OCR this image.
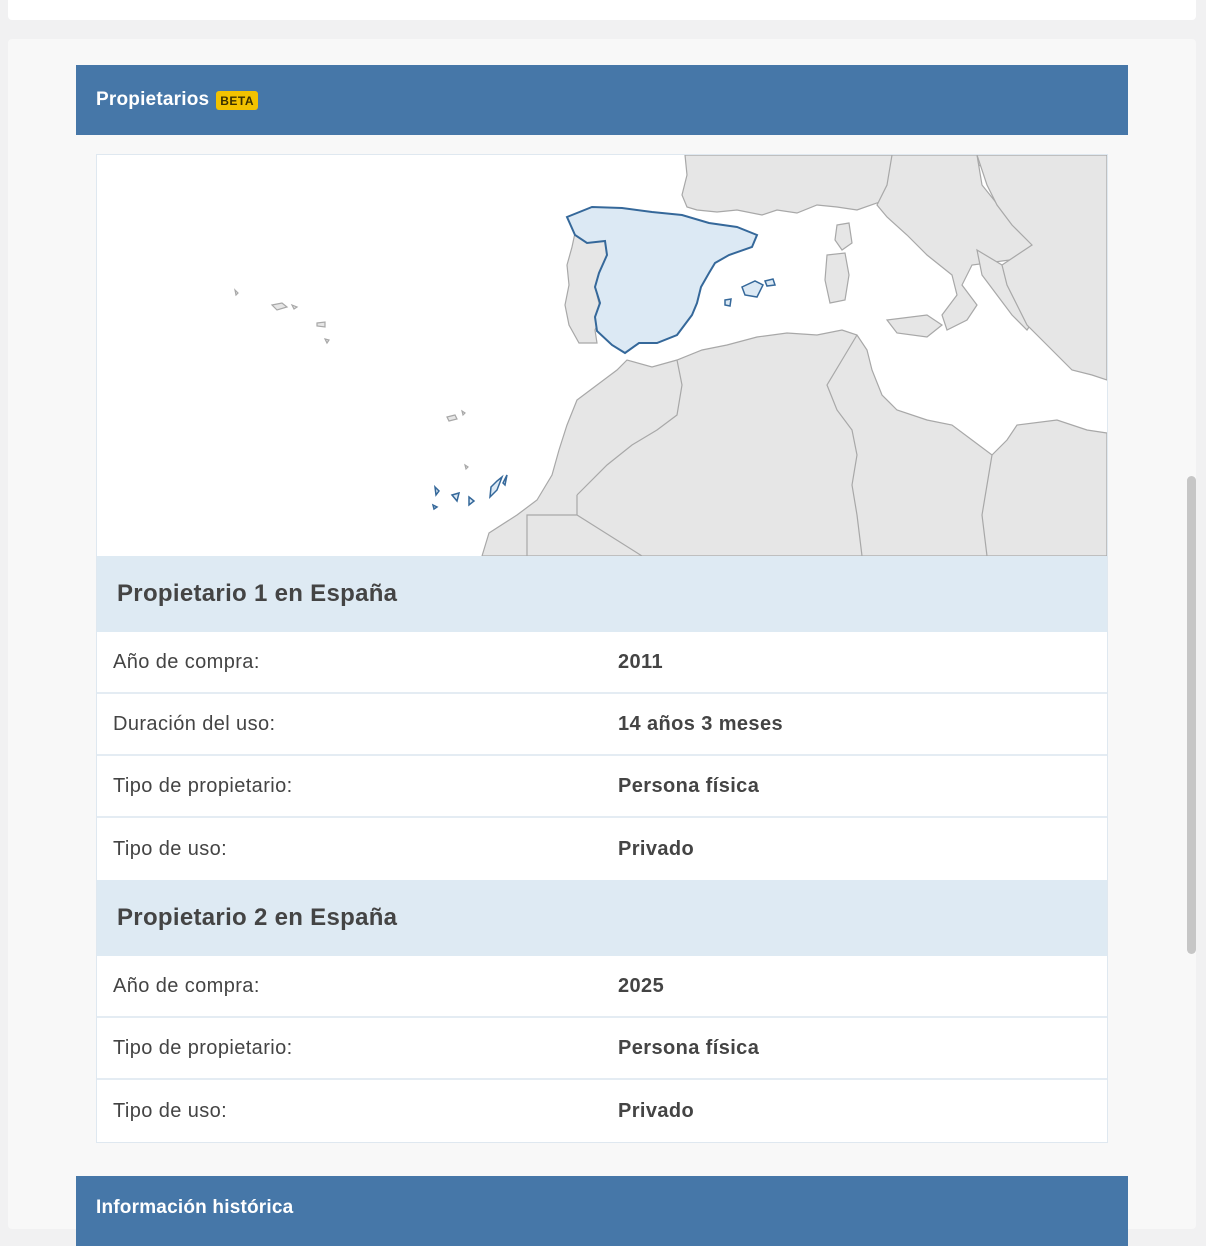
Propietarios BETA
Propietario 1 en España
Año de compra:	2011
Duración del uso:	14 años 3 meses
Tipo de propietario:	Persona física
Tipo de uso:	Privado
Propietario 2 en España
Año de compra:	2025
Tipo de propietario:	Persona física
Tipo de uso:	Privado
Información histórica
